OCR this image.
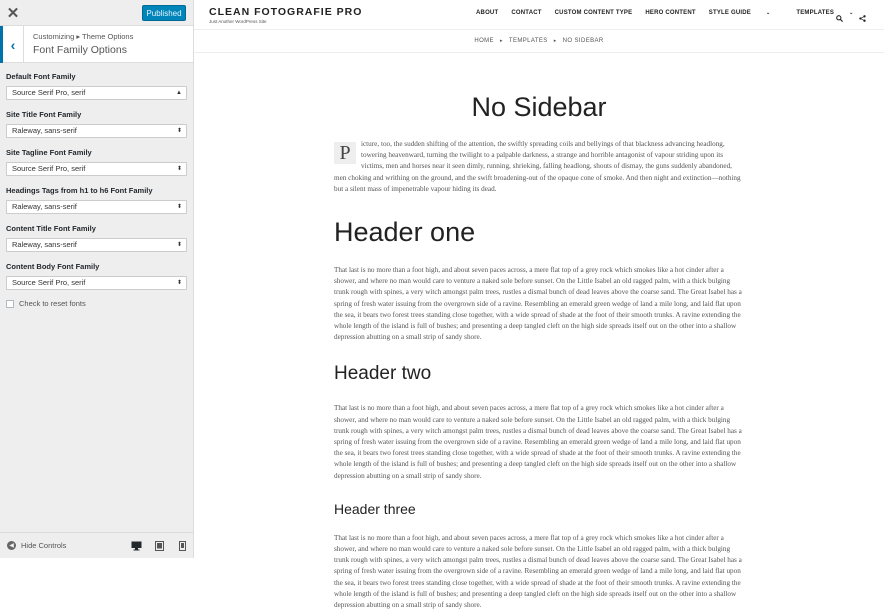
✕	Published
‹	Customizing ▸ Theme Options
Font Family Options
Default Font Family
Source Serif Pro, serif	▲

Site Title Font Family
Raleway, sans-serif	⬍
Site Tagline Font Family
Source Serif Pro, serif	⬍
Headings Tags from h1 to h6 Font Family
Raleway, sans-serif	⬍
Content Title Font Family
Raleway, sans-serif	⬍
Content Body Font Family
Source Serif Pro, serif	⬍
Check to reset fonts
◀ Hide Controls
CLEAN FOTOGRAFIE PRO
Just Another WordPress Site
ABOUT CONTACT CUSTOM CONTENT TYPE HERO CONTENT STYLE GUIDE	⌄	TEMPLATES	⌄
HOME ▸ TEMPLATES ▸ NO SIDEBAR
No Sidebar
P	icture, too, the sudden shifting of the attention, the swiftly spreading coils and bellyings of that blackness advancing headlong, towering heavenward, turning the twilight to a palpable darkness, a strange and horrible antagonist of vapour striding upon its victims, men and horses near it seen dimly, running, shrieking, falling headlong, shouts of dismay, the guns suddenly abandoned, men choking and writhing on the ground, and the swift broadening-out of the opaque cone of smoke. And then night and extinction—nothing but a silent mass of impenetrable vapour hiding its dead.
Header one
That last is no more than a foot high, and about seven paces across, a mere flat top of a grey rock which smokes like a hot cinder after a shower, and where no man would care to venture a naked sole before sunset. On the Little Isabel an old ragged palm, with a thick bulging trunk rough with spines, a very witch amongst palm trees, rustles a dismal bunch of dead leaves above the coarse sand. The Great Isabel has a spring of fresh water issuing from the overgrown side of a ravine. Resembling an emerald green wedge of land a mile long, and laid flat upon the sea, it bears two forest trees standing close together, with a wide spread of shade at the foot of their smooth trunks. A ravine extending the whole length of the island is full of bushes; and presenting a deep tangled cleft on the high side spreads itself out on the other into a shallow depression abutting on a small strip of sandy shore.
Header two
That last is no more than a foot high, and about seven paces across, a mere flat top of a grey rock which smokes like a hot cinder after a shower, and where no man would care to venture a naked sole before sunset. On the Little Isabel an old ragged palm, with a thick bulging trunk rough with spines, a very witch amongst palm trees, rustles a dismal bunch of dead leaves above the coarse sand. The Great Isabel has a spring of fresh water issuing from the overgrown side of a ravine. Resembling an emerald green wedge of land a mile long, and laid flat upon the sea, it bears two forest trees standing close together, with a wide spread of shade at the foot of their smooth trunks. A ravine extending the whole length of the island is full of bushes; and presenting a deep tangled cleft on the high side spreads itself out on the other into a shallow depression abutting on a small strip of sandy shore.
Header three
That last is no more than a foot high, and about seven paces across, a mere flat top of a grey rock which smokes like a hot cinder after a shower, and where no man would care to venture a naked sole before sunset. On the Little Isabel an old ragged palm, with a thick bulging trunk rough with spines, a very witch amongst palm trees, rustles a dismal bunch of dead leaves above the coarse sand. The Great Isabel has a spring of fresh water issuing from the overgrown side of a ravine. Resembling an emerald green wedge of land a mile long, and laid flat upon the sea, it bears two forest trees standing close together, with a wide spread of shade at the foot of their smooth trunks. A ravine extending the whole length of the island is full of bushes; and presenting a deep tangled cleft on the high side spreads itself out on the other into a shallow depression abutting on a small strip of sandy shore.
